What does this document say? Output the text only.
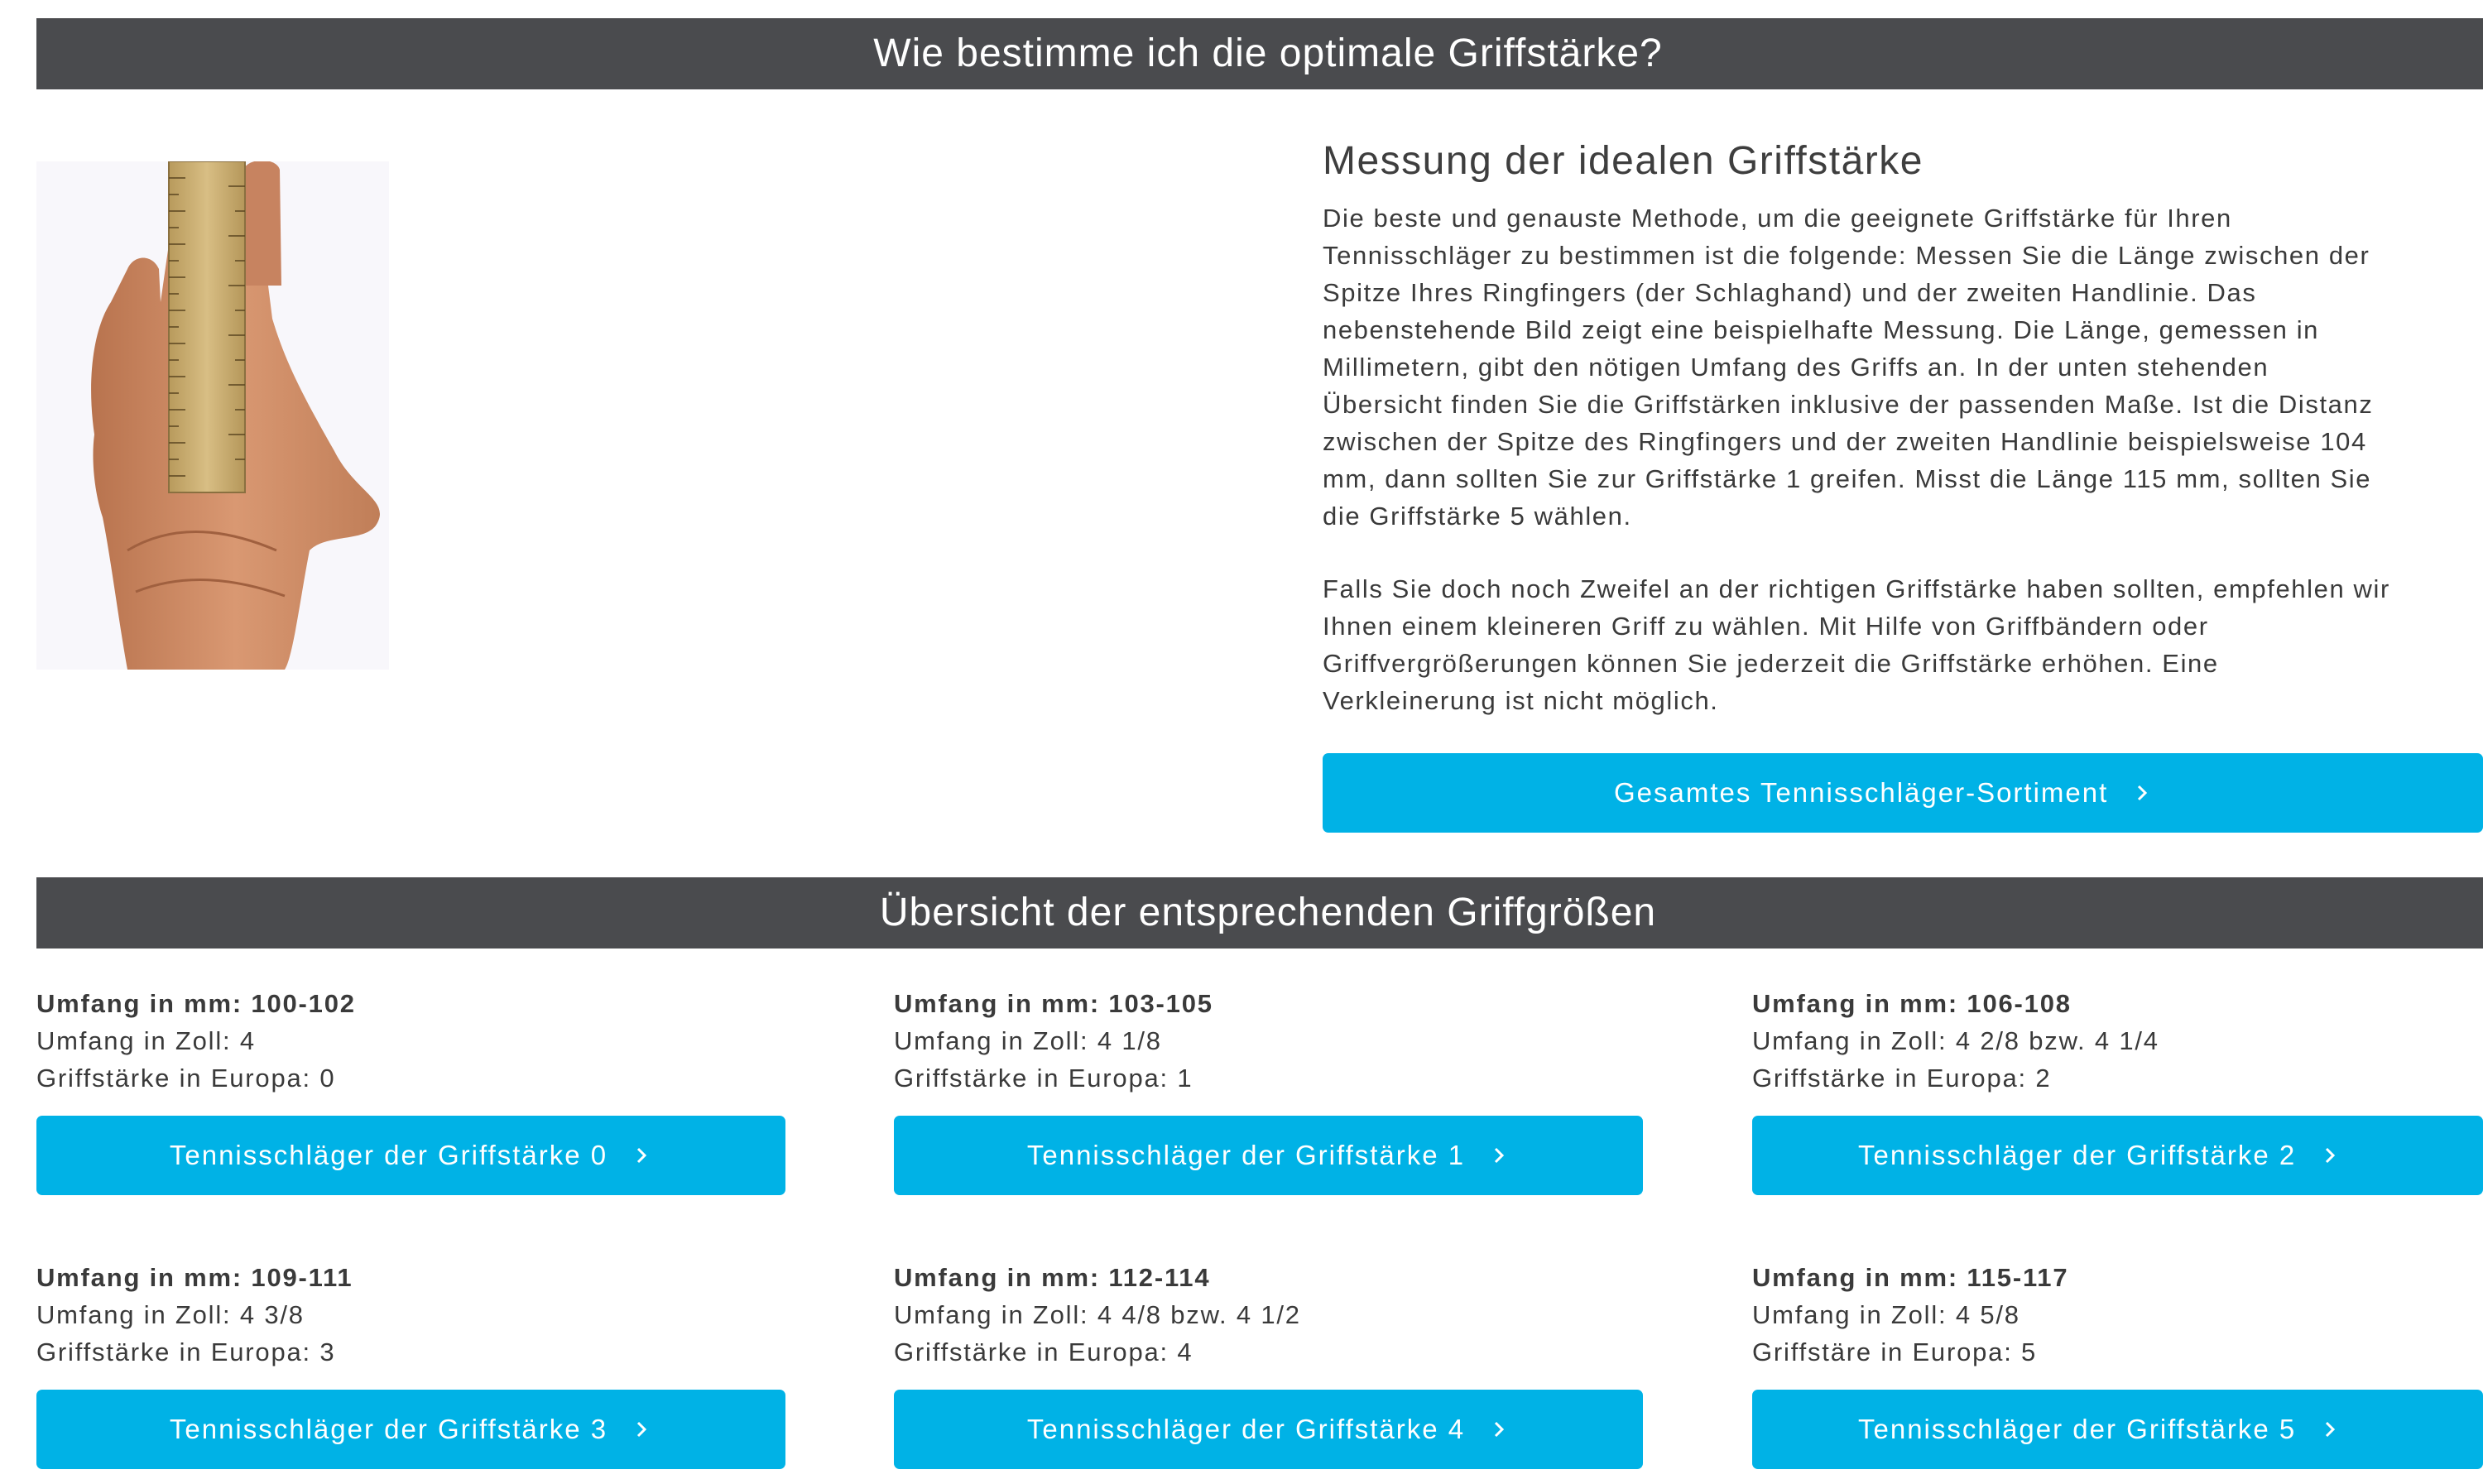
Wie bestimme ich die optimale Griffstärke?
Messung der idealen Griffstärke

Die beste und genauste Methode, um die geeignete Griffstärke für Ihren
Tennisschläger zu bestimmen ist die folgende: Messen Sie die Länge zwischen der
Spitze Ihres Ringfingers (der Schlaghand) und der zweiten Handlinie. Das
nebenstehende Bild zeigt eine beispielhafte Messung. Die Länge, gemessen in
Millimetern, gibt den nötigen Umfang des Griffs an. In der unten stehenden
Übersicht finden Sie die Griffstärken inklusive der passenden Maße. Ist die Distanz
zwischen der Spitze des Ringfingers und der zweiten Handlinie beispielsweise 104
mm, dann sollten Sie zur Griffstärke 1 greifen. Misst die Länge 115 mm, sollten Sie
die Griffstärke 5 wählen.

Falls Sie doch noch Zweifel an der richtigen Griffstärke haben sollten, empfehlen wir
Ihnen einem kleineren Griff zu wählen. Mit Hilfe von Griffbändern oder
Griffvergrößerungen können Sie jederzeit die Griffstärke erhöhen. Eine
Verkleinerung ist nicht möglich.

Gesamtes Tennisschläger-Sortiment
Übersicht der entsprechenden Griffgrößen
Umfang in mm: 100-102
Umfang in Zoll: 4
Griffstärke in Europa: 0
Tennisschläger der Griffstärke 0
Umfang in mm: 103-105
Umfang in Zoll: 4 1/8
Griffstärke in Europa: 1
Tennisschläger der Griffstärke 1
Umfang in mm: 106-108
Umfang in Zoll: 4 2/8 bzw. 4 1/4
Griffstärke in Europa: 2
Tennisschläger der Griffstärke 2
Umfang in mm: 109-111
Umfang in Zoll: 4 3/8
Griffstärke in Europa: 3
Tennisschläger der Griffstärke 3
Umfang in mm: 112-114
Umfang in Zoll: 4 4/8 bzw. 4 1/2
Griffstärke in Europa: 4
Tennisschläger der Griffstärke 4
Umfang in mm: 115-117
Umfang in Zoll: 4 5/8
Griffstäre in Europa: 5
Tennisschläger der Griffstärke 5
